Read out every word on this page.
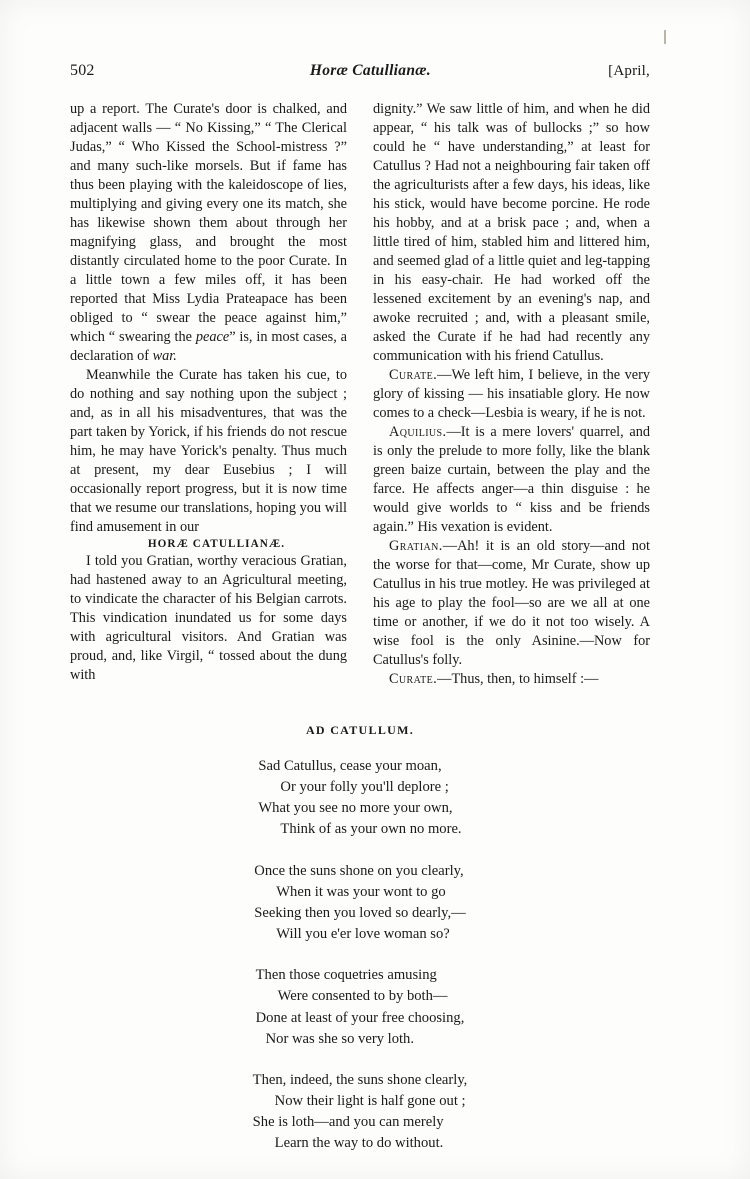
502	Horæ Catullianæ.	[April,

up a report. The Curate's door is chalked, and adjacent walls — “ No Kissing,” “ The Clerical Judas,” “ Who Kissed the School-mistress ?” and many such-like morsels. But if fame has thus been playing with the kaleidoscope of lies, multiplying and giving every one its match, she has likewise shown them about through her magnifying glass, and brought the most distantly circulated home to the poor Curate. In a little town a few miles off, it has been reported that Miss Lydia Prateapace has been obliged to “ swear the peace against him,” which “ swearing the peace” is, in most cases, a declaration of war.

Meanwhile the Curate has taken his cue, to do nothing and say nothing upon the subject ; and, as in all his misadventures, that was the part taken by Yorick, if his friends do not rescue him, he may have Yorick's penalty. Thus much at present, my dear Eusebius ; I will occasionally report progress, but it is now time that we resume our translations, hoping you will find amusement in our

HORÆ CATULLIANÆ.

I told you Gratian, worthy veracious Gratian, had hastened away to an Agricultural meeting, to vindicate the character of his Belgian carrots. This vindication inundated us for some days with agricultural visitors. And Gratian was proud, and, like Virgil, “ tossed about the dung with

dignity.” We saw little of him, and when he did appear, “ his talk was of bullocks ;” so how could he “ have understanding,” at least for Catullus ? Had not a neighbouring fair taken off the agriculturists after a few days, his ideas, like his stick, would have become porcine. He rode his hobby, and at a brisk pace ; and, when a little tired of him, stabled him and littered him, and seemed glad of a little quiet and leg-tapping in his easy-chair. He had worked off the lessened excitement by an evening's nap, and awoke recruited ; and, with a pleasant smile, asked the Curate if he had had recently any communication with his friend Catullus.

Curate.—We left him, I believe, in the very glory of kissing — his insatiable glory. He now comes to a check—Lesbia is weary, if he is not.

Aquilius.—It is a mere lovers' quarrel, and is only the prelude to more folly, like the blank green baize curtain, between the play and the farce. He affects anger—a thin disguise : he would give worlds to “ kiss and be friends again.” His vexation is evident.

Gratian.—Ah! it is an old story—and not the worse for that—come, Mr Curate, show up Catullus in his true motley. He was privileged at his age to play the fool—so are we all at one time or another, if we do it not too wisely. A wise fool is the only Asinine.—Now for Catullus's folly.

Curate.—Thus, then, to himself :—

AD CATULLUM.
Sad Catullus, cease your moan,
Or your folly you'll deplore ;
What you see no more your own,
Think of as your own no more.

Once the suns shone on you clearly,
When it was your wont to go
Seeking then you loved so dearly,—
Will you e'er love woman so?

Then those coquetries amusing
Were consented to by both—
Done at least of your free choosing,
Nor was she so very loth.

Then, indeed, the suns shone clearly,
Now their light is half gone out ;
She is loth—and you can merely
Learn the way to do without.
